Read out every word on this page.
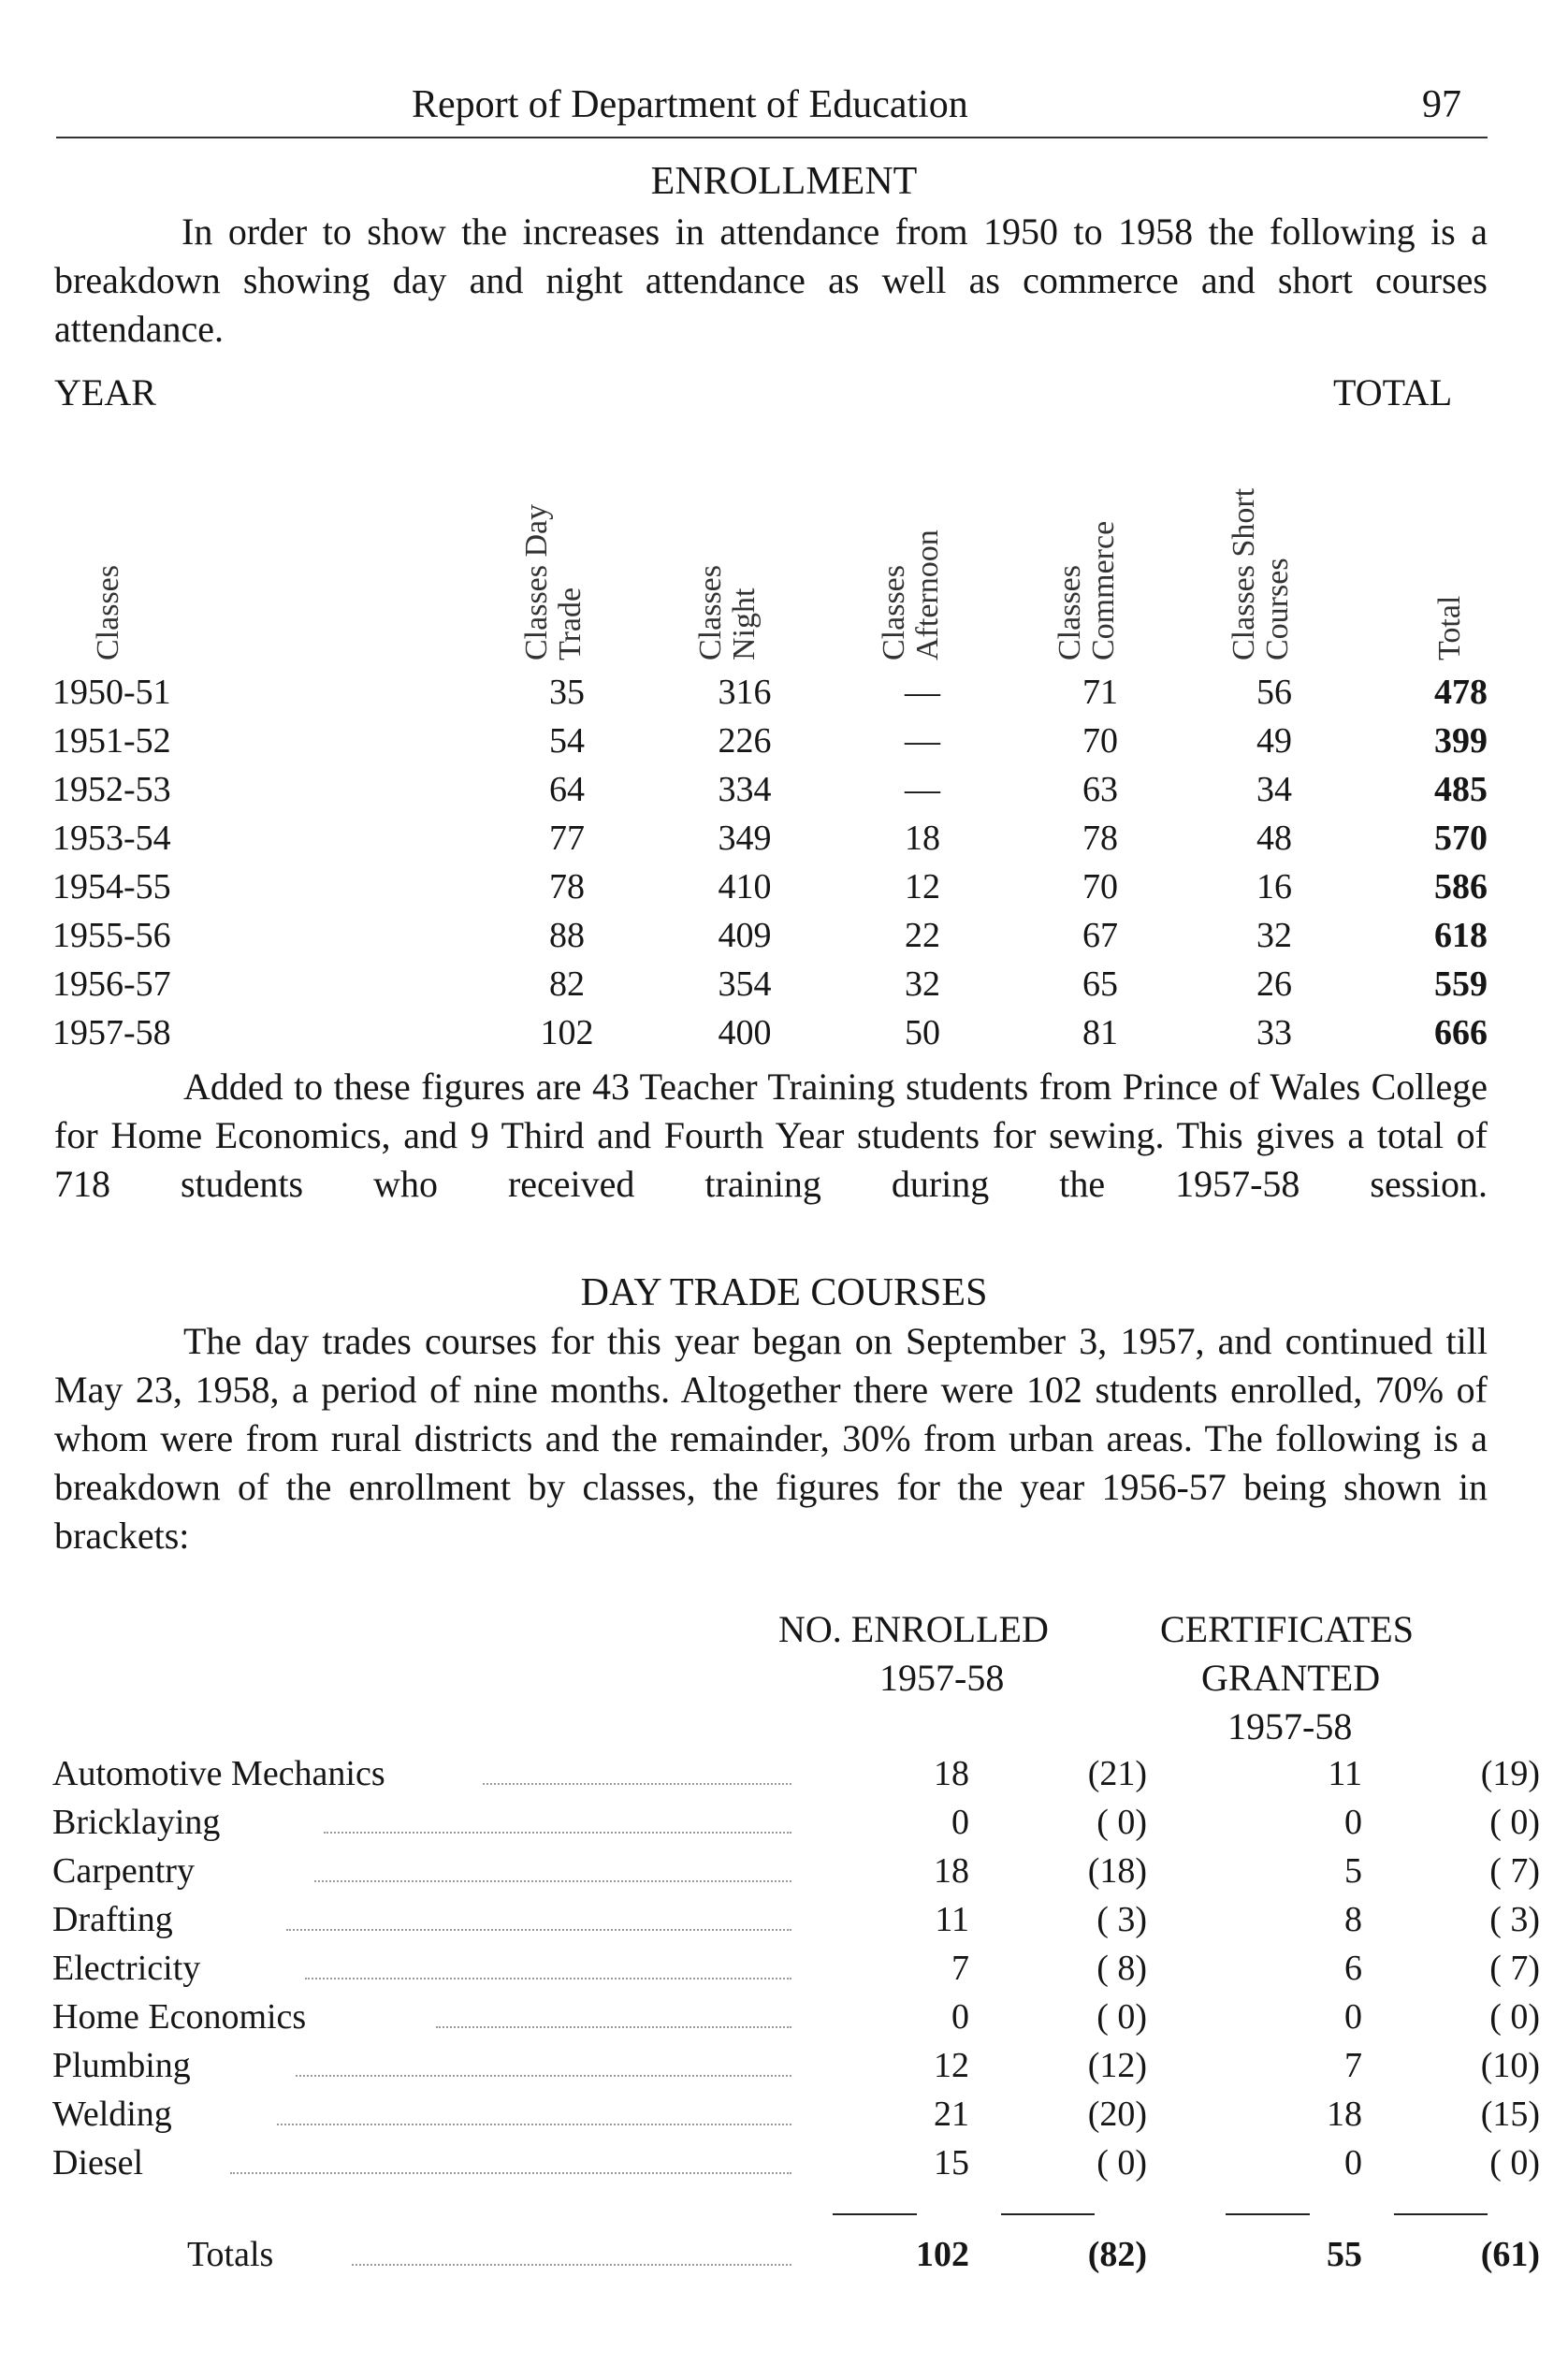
Report of Department of Education	97
ENROLLMENT

In order to show the increases in attendance from 1950 to 1958 the following is a breakdown showing day and night attendance as well as commerce and short courses attendance.

YEAR	TOTAL
Classes	Classes Day Trade	Classes Night	Classes Afternoon	Classes Commerce	Classes Short Courses	Total
1950-51	35	316	—	71	56	478
1951-52	54	226	—	70	49	399
1952-53	64	334	—	63	34	485
1953-54	77	349	18	78	48	570
1954-55	78	410	12	70	16	586
1955-56	88	409	22	67	32	618
1956-57	82	354	32	65	26	559
1957-58	102	400	50	81	33	666

Added to these figures are 43 Teacher Training students from Prince of Wales College for Home Economics, and 9 Third and Fourth Year students for sewing. This gives a total of 718 students who received training during the 1957-58 session.

DAY TRADE COURSES

The day trades courses for this year began on September 3, 1957, and continued till May 23, 1958, a period of nine months. Altogether there were 102 students enrolled, 70% of whom were from rural districts and the remainder, 30% from urban areas. The following is a breakdown of the enrollment by classes, the figures for the year 1956-57 being shown in brackets:

NO. ENROLLED
1957-58
CERTIFICATES
GRANTED
1957-58
Automotive Mechanics	18	(21)	11	(19)
Bricklaying	0	( 0)	0	( 0)
Carpentry	18	(18)	5	( 7)
Drafting	11	( 3)	8	( 3)
Electricity	7	( 8)	6	( 7)
Home Economics	0	( 0)	0	( 0)
Plumbing	12	(12)	7	(10)
Welding	21	(20)	18	(15)
Diesel	15	( 0)	0	( 0)
Totals	102	(82)	55	(61)
